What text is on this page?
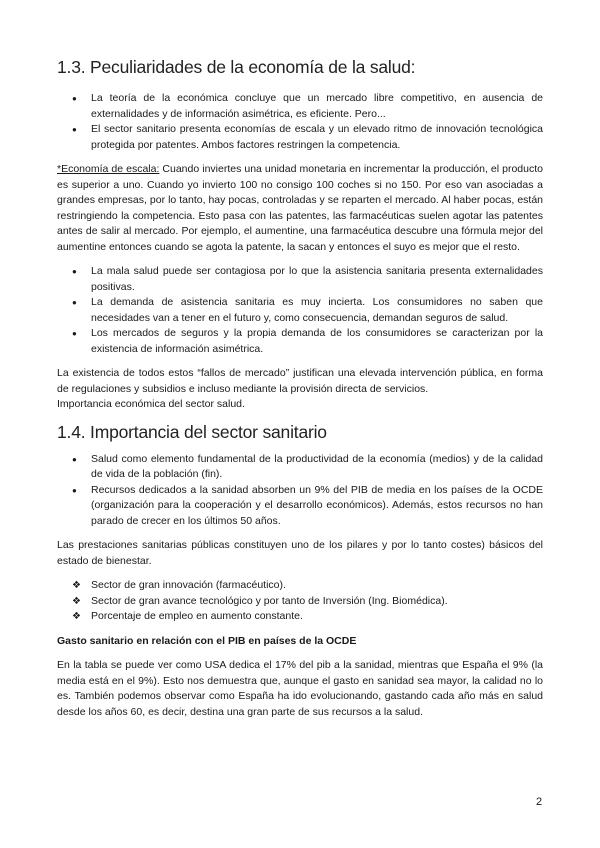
1.3. Peculiaridades de la economía de la salud:
● La teoría de la económica concluye que un mercado libre competitivo, en ausencia de externalidades y de información asimétrica, es eficiente. Pero...
● El sector sanitario presenta economías de escala y un elevado ritmo de innovación tecnológica protegida por patentes. Ambos factores restringen la competencia.

*Economía de escala: Cuando inviertes una unidad monetaria en incrementar la producción, el producto es superior a uno. Cuando yo invierto 100 no consigo 100 coches si no 150. Por eso van asociadas a grandes empresas, por lo tanto, hay pocas, controladas y se reparten el mercado. Al haber pocas, están restringiendo la competencia. Esto pasa con las patentes, las farmacéuticas suelen agotar las patentes antes de salir al mercado. Por ejemplo, el aumentine, una farmacéutica descubre una fórmula mejor del aumentine entonces cuando se agota la patente, la sacan y entonces el suyo es mejor que el resto.

● La mala salud puede ser contagiosa por lo que la asistencia sanitaria presenta externalidades positivas.
● La demanda de asistencia sanitaria es muy incierta. Los consumidores no saben que necesidades van a tener en el futuro y, como consecuencia, demandan seguros de salud.
● Los mercados de seguros y la propia demanda de los consumidores se caracterizan por la existencia de información asimétrica.

La existencia de todos estos “fallos de mercado” justifican una elevada intervención pública, en forma de regulaciones y subsidios e incluso mediante la provisión directa de servicios.

Importancia económica del sector salud.

1.4. Importancia del sector sanitario
● Salud como elemento fundamental de la productividad de la economía (medios) y de la calidad de vida de la población (fin).
● Recursos dedicados a la sanidad absorben un 9% del PIB de media en los países de la OCDE (organización para la cooperación y el desarrollo económicos). Además, estos recursos no han parado de crecer en los últimos 50 años.

Las prestaciones sanitarias públicas constituyen uno de los pilares y por lo tanto costes) básicos del estado de bienestar.

❖ Sector de gran innovación (farmacéutico).
❖ Sector de gran avance tecnológico y por tanto de Inversión (Ing. Biomédica).
❖ Porcentaje de empleo en aumento constante.

Gasto sanitario en relación con el PIB en países de la OCDE

En la tabla se puede ver como USA dedica el 17% del pib a la sanidad, mientras que España el 9% (la media está en el 9%). Esto nos demuestra que, aunque el gasto en sanidad sea mayor, la calidad no lo es. También podemos observar como España ha ido evolucionando, gastando cada año más en salud desde los años 60, es decir, destina una gran parte de sus recursos a la salud.

2
